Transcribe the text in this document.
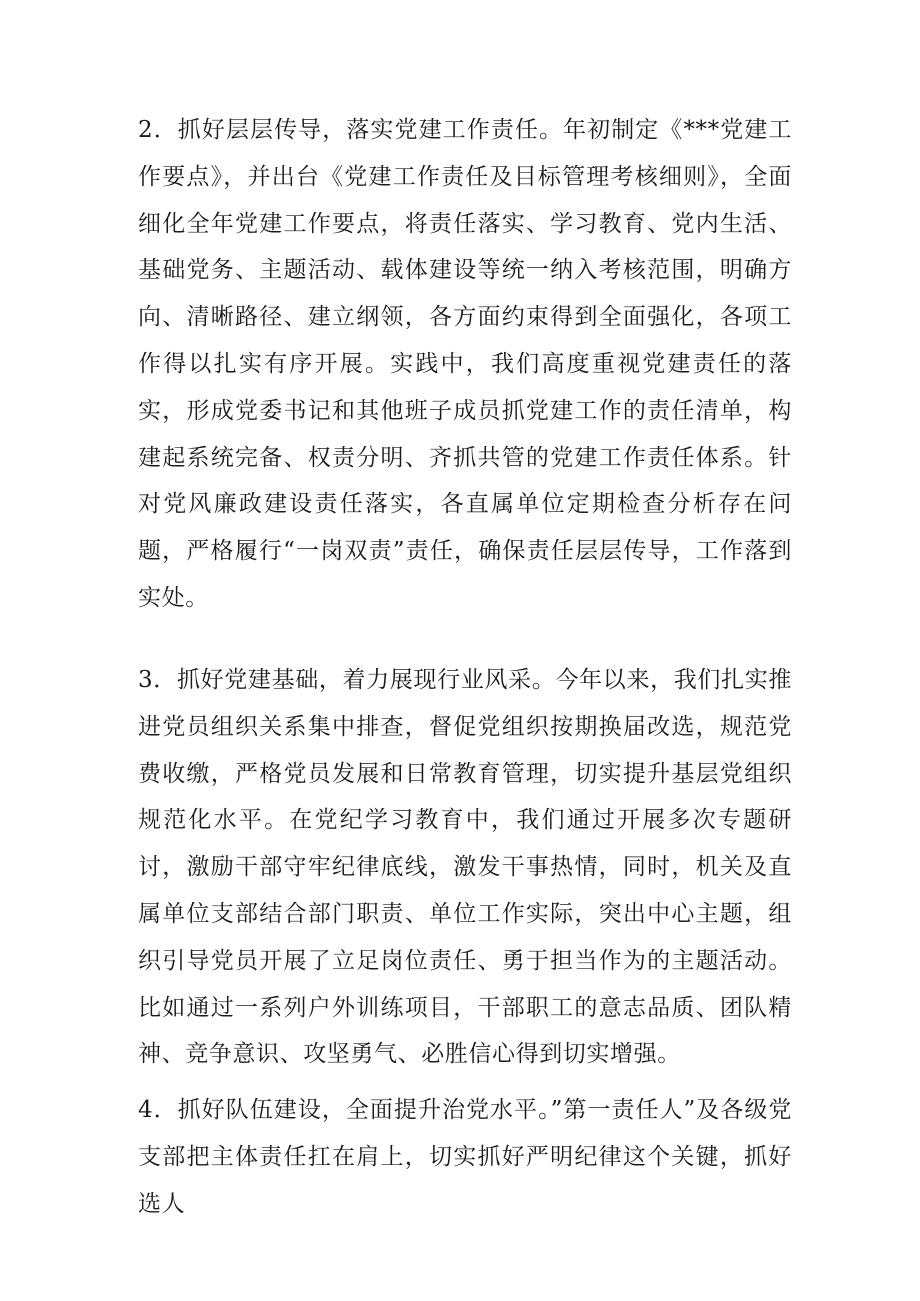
2．抓好层层传导，落实党建工作责任。年初制定《***党建工作要点》，并出台《党建工作责任及目标管理考核细则》，全面细化全年党建工作要点，将责任落实、学习教育、党内生活、基础党务、主题活动、载体建设等统一纳入考核范围，明确方向、清晰路径、建立纲领，各方面约束得到全面强化，各项工作得以扎实有序开展。实践中，我们高度重视党建责任的落实，形成党委书记和其他班子成员抓党建工作的责任清单，构建起系统完备、权责分明、齐抓共管的党建工作责任体系。针对党风廉政建设责任落实，各直属单位定期检查分析存在问题，严格履行“一岗双责”责任，确保责任层层传导，工作落到实处。

3．抓好党建基础，着力展现行业风采。今年以来，我们扎实推进党员组织关系集中排查，督促党组织按期换届改选，规范党费收缴，严格党员发展和日常教育管理，切实提升基层党组织规范化水平。在党纪学习教育中，我们通过开展多次专题研讨，激励干部守牢纪律底线，激发干事热情，同时，机关及直属单位支部结合部门职责、单位工作实际，突出中心主题，组织引导党员开展了立足岗位责任、勇于担当作为的主题活动。比如通过一系列户外训练项目，干部职工的意志品质、团队精神、竞争意识、攻坚勇气、必胜信心得到切实增强。

4．抓好队伍建设，全面提升治党水平。”第一责任人”及各级党支部把主体责任扛在肩上，切实抓好严明纪律这个关键，抓好选人
